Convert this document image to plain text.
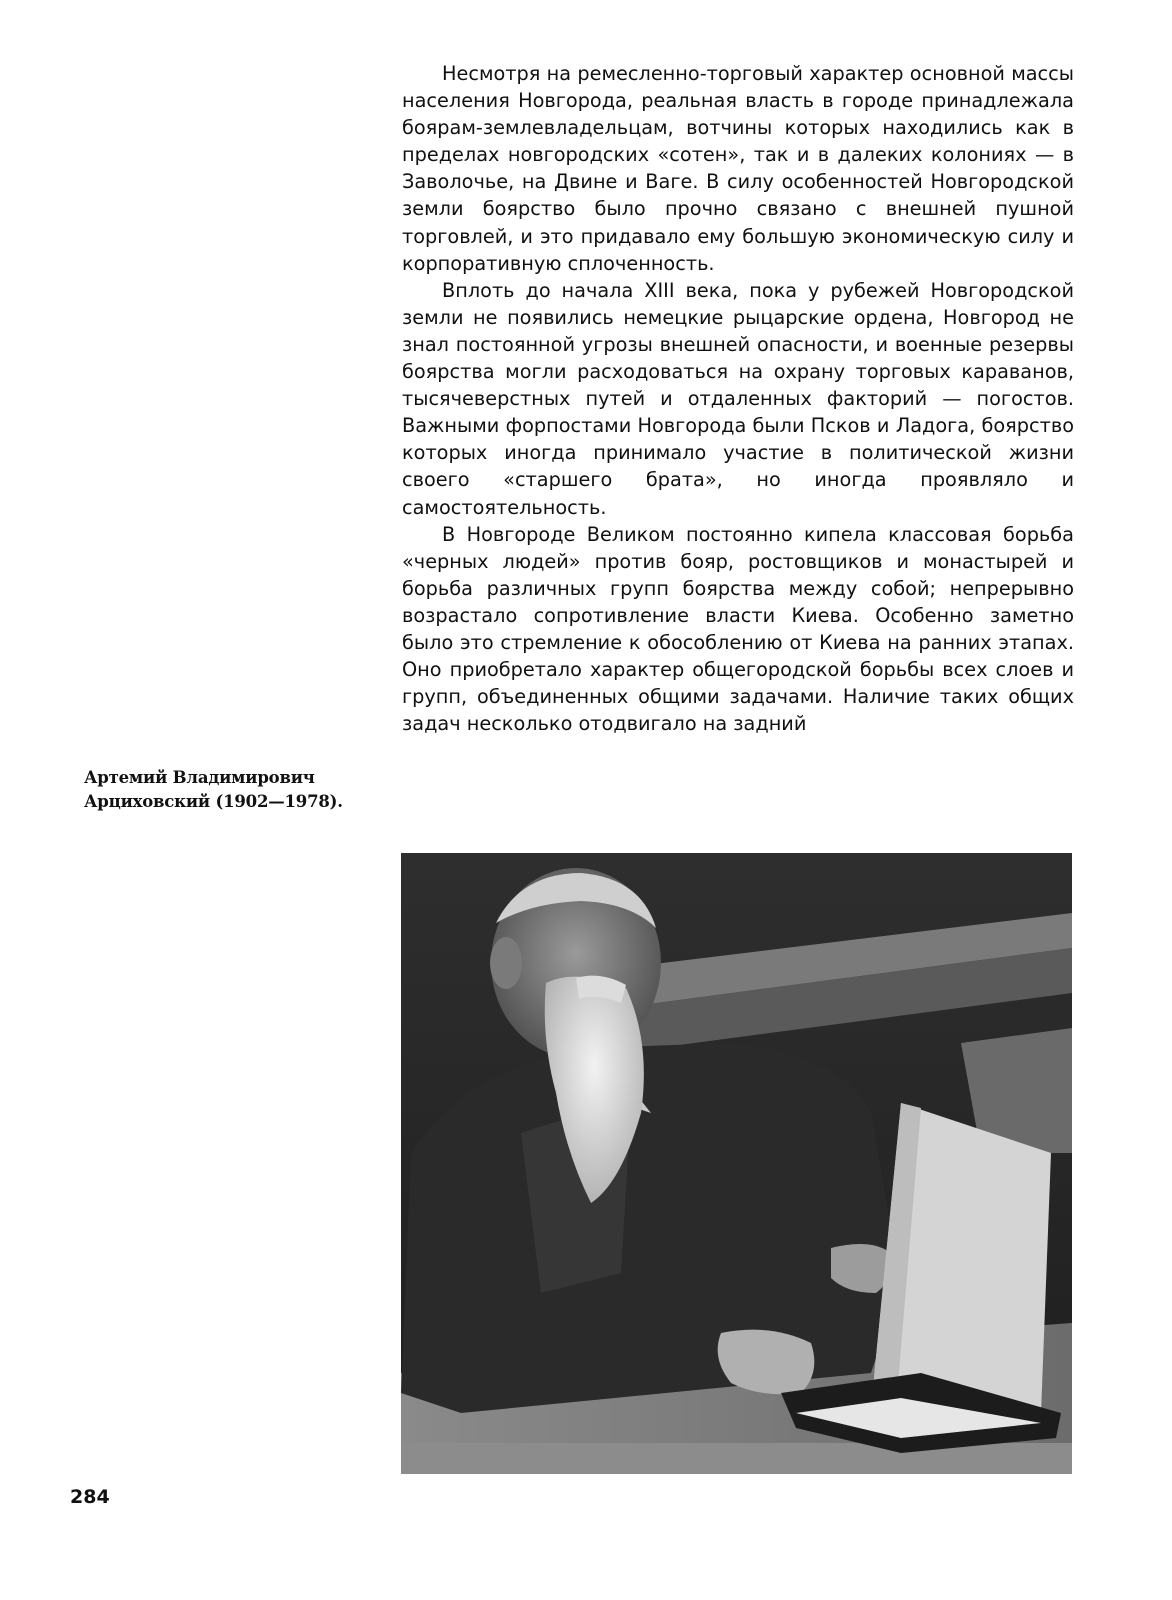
Несмотря на ремесленно-торговый характер основной массы населения Новгорода, реальная власть в городе принадлежала боярам-землевладельцам, вотчины которых находились как в пределах новгородских «сотен», так и в далеких колониях — в Заволочье, на Двине и Ваге. В силу особенностей Новгородской земли боярство было прочно связано с внешней пушной торговлей, и это придавало ему большую экономическую силу и корпоративную сплоченность.

Вплоть до начала XIII века, пока у рубежей Новгородской земли не появились немецкие рыцарские ордена, Новгород не знал постоянной угрозы внешней опасности, и военные резервы боярства могли расходоваться на охрану торговых караванов, тысячеверстных путей и отдаленных факторий — погостов. Важными форпостами Новгорода были Псков и Ладога, боярство которых иногда принимало участие в политической жизни своего «старшего брата», но иногда проявляло и самостоятельность.

В Новгороде Великом постоянно кипела классовая борьба «черных людей» против бояр, ростовщиков и монастырей и борьба различных групп боярства между собой; непрерывно возрастало сопротивление власти Киева. Особенно заметно было это стремление к обособлению от Киева на ранних этапах. Оно приобретало характер общегородской борьбы всех слоев и групп, объединенных общими задачами. Наличие таких общих задач несколько отодвигало на задний

Артемий Владимирович
Арциховский (1902—1978).
284
